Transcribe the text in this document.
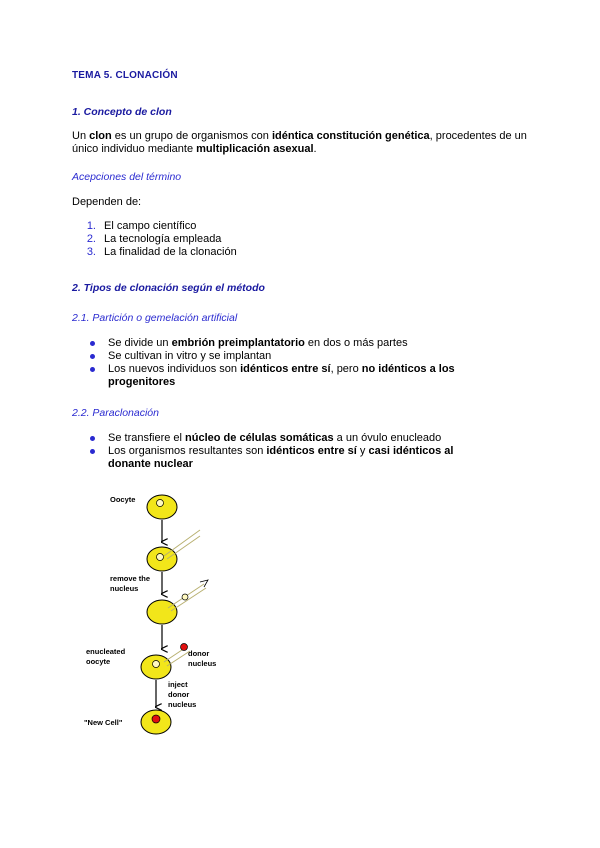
TEMA 5. CLONACIÓN
1. Concepto de clon
Un clon es un grupo de organismos con idéntica constitución genética, procedentes de un único individuo mediante multiplicación asexual.
Acepciones del término
Dependen de:
1. El campo científico
2. La tecnología empleada
3. La finalidad de la clonación
2. Tipos de clonación según el método
2.1. Partición o gemelación artificial
Se divide un embrión preimplantatorio en dos o más partes
Se cultivan in vitro y se implantan
Los nuevos individuos son idénticos entre sí, pero no idénticos a los progenitores
2.2. Paraclonación
Se transfiere el núcleo de células somáticas a un óvulo enucleado
Los organismos resultantes son idénticos entre sí y casi idénticos al donante nuclear
Oocyte
remove the
nucleus
enucleated
oocyte
donor
nucleus
inject
donor
nucleus
"New Cell"
